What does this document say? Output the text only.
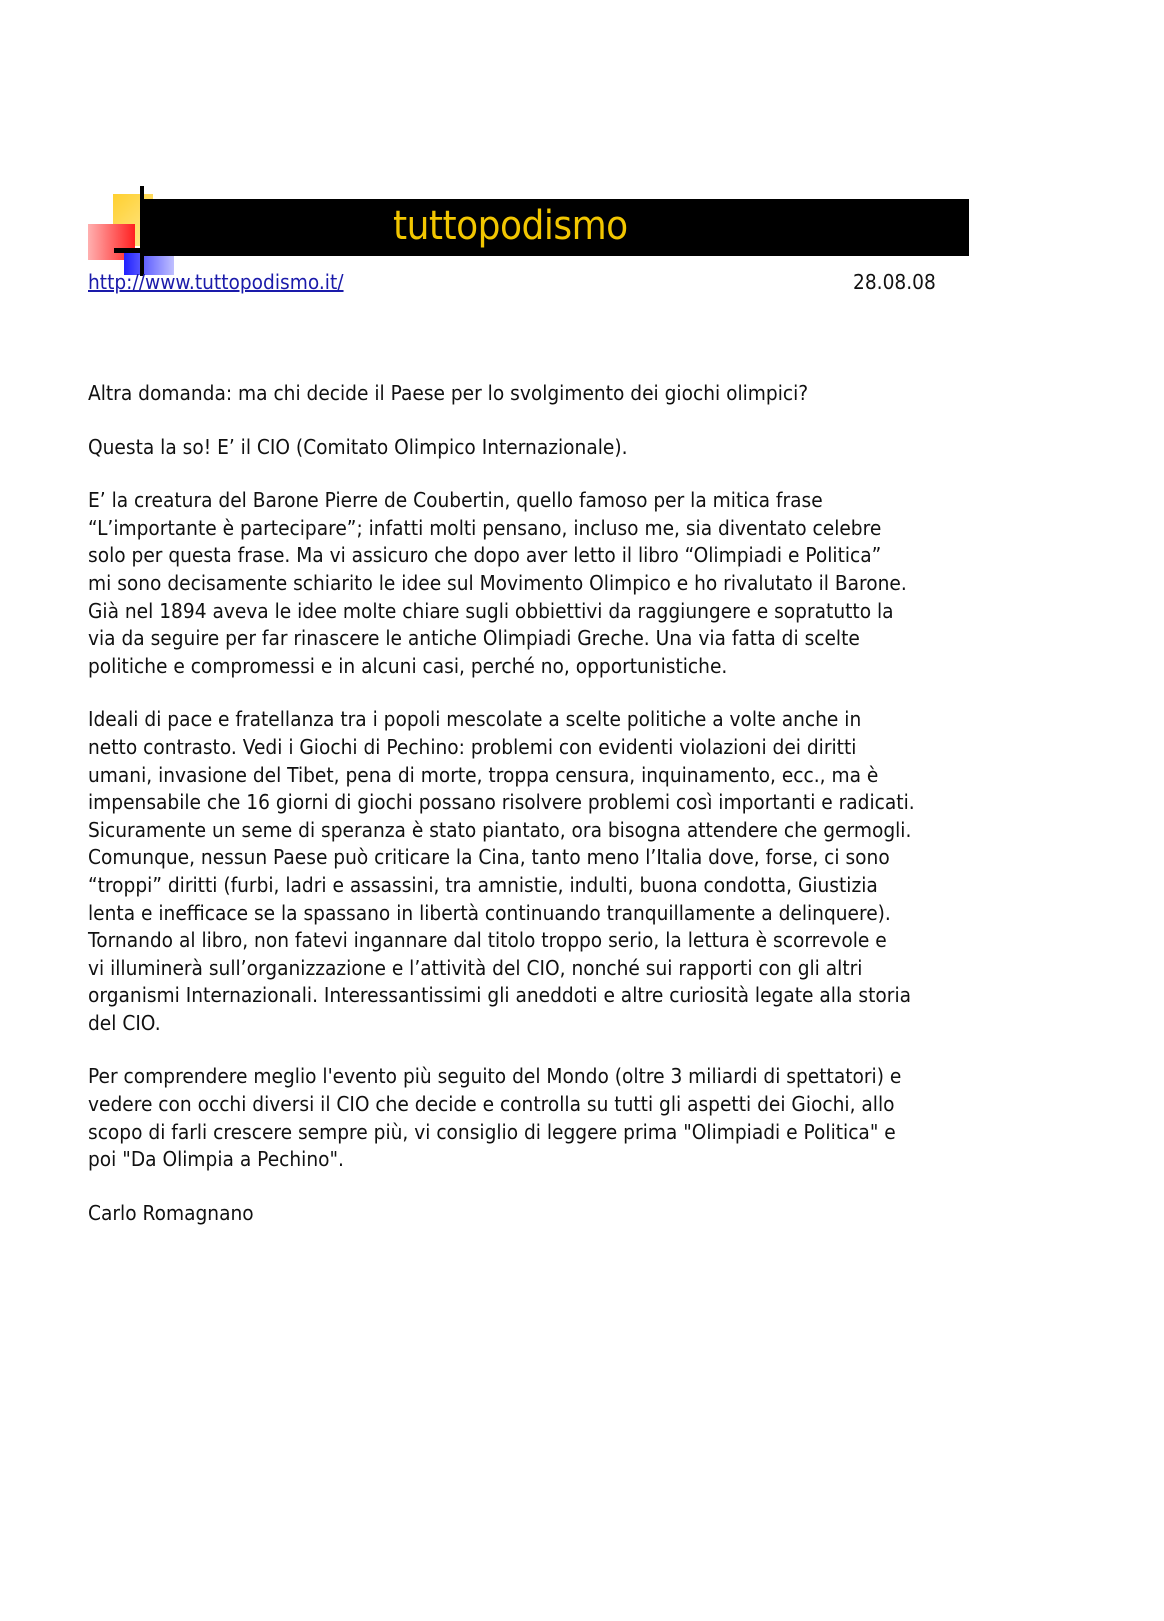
tuttopodismo
http://www.tuttopodismo.it/	28.08.08

Altra domanda: ma chi decide il Paese per lo svolgimento dei giochi olimpici?

Questa la so! E’ il CIO (Comitato Olimpico Internazionale).

E’ la creatura del Barone Pierre de Coubertin, quello famoso per la mitica frase
“L’importante è partecipare”; infatti molti pensano, incluso me, sia diventato celebre
solo per questa frase. Ma vi assicuro che dopo aver letto il libro “Olimpiadi e Politica”
mi sono decisamente schiarito le idee sul Movimento Olimpico e ho rivalutato il Barone.
Già nel 1894 aveva le idee molte chiare sugli obbiettivi da raggiungere e sopratutto la
via da seguire per far rinascere le antiche Olimpiadi Greche. Una via fatta di scelte
politiche e compromessi e in alcuni casi, perché no, opportunistiche.

Ideali di pace e fratellanza tra i popoli mescolate a scelte politiche a volte anche in
netto contrasto. Vedi i Giochi di Pechino: problemi con evidenti violazioni dei diritti
umani, invasione del Tibet, pena di morte, troppa censura, inquinamento, ecc., ma è
impensabile che 16 giorni di giochi possano risolvere problemi così importanti e radicati.
Sicuramente un seme di speranza è stato piantato, ora bisogna attendere che germogli.
Comunque, nessun Paese può criticare la Cina, tanto meno l’Italia dove, forse, ci sono
“troppi” diritti (furbi, ladri e assassini, tra amnistie, indulti, buona condotta, Giustizia
lenta e inefficace se la spassano in libertà continuando tranquillamente a delinquere).
Tornando al libro, non fatevi ingannare dal titolo troppo serio, la lettura è scorrevole e
vi illuminerà sull’organizzazione e l’attività del CIO, nonché sui rapporti con gli altri
organismi Internazionali. Interessantissimi gli aneddoti e altre curiosità legate alla storia
del CIO.

Per comprendere meglio l'evento più seguito del Mondo (oltre 3 miliardi di spettatori) e
vedere con occhi diversi il CIO che decide e controlla su tutti gli aspetti dei Giochi, allo
scopo di farli crescere sempre più, vi consiglio di leggere prima "Olimpiadi e Politica" e
poi "Da Olimpia a Pechino".

Carlo Romagnano
